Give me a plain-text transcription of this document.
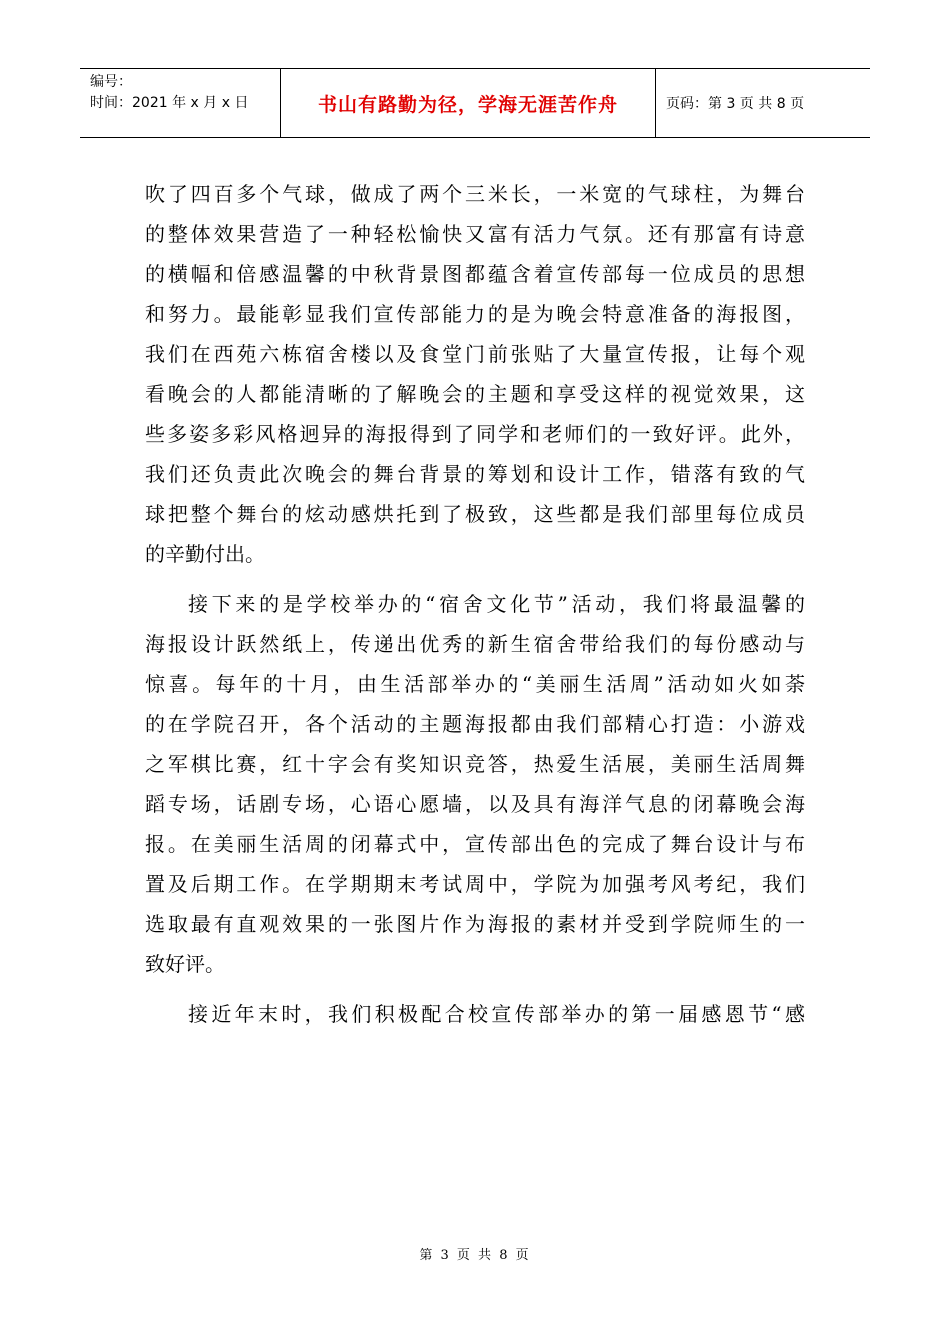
编号：
时间：2021 年 x 月 x 日	书山有路勤为径，学海无涯苦作舟	页码：第 3 页 共 8 页
吹了四百多个气球，做成了两个三米长，一米宽的气球柱，为舞台
的整体效果营造了一种轻松愉快又富有活力气氛。还有那富有诗意
的横幅和倍感温馨的中秋背景图都蕴含着宣传部每一位成员的思想
和努力。最能彰显我们宣传部能力的是为晚会特意准备的海报图，
我们在西苑六栋宿舍楼以及食堂门前张贴了大量宣传报，让每个观
看晚会的人都能清晰的了解晚会的主题和享受这样的视觉效果，这
些多姿多彩风格迥异的海报得到了同学和老师们的一致好评。此外，
我们还负责此次晚会的舞台背景的筹划和设计工作，错落有致的气
球把整个舞台的炫动感烘托到了极致，这些都是我们部里每位成员
的辛勤付出。
接下来的是学校举办的“宿舍文化节”活动，我们将最温馨的
海报设计跃然纸上，传递出优秀的新生宿舍带给我们的每份感动与
惊喜。每年的十月，由生活部举办的“美丽生活周”活动如火如荼
的在学院召开，各个活动的主题海报都由我们部精心打造：小游戏
之军棋比赛，红十字会有奖知识竞答，热爱生活展，美丽生活周舞
蹈专场，话剧专场，心语心愿墙，以及具有海洋气息的闭幕晚会海
报。在美丽生活周的闭幕式中，宣传部出色的完成了舞台设计与布
置及后期工作。在学期期末考试周中，学院为加强考风考纪，我们
选取最有直观效果的一张图片作为海报的素材并受到学院师生的一
致好评。
接近年末时，我们积极配合校宣传部举办的第一届感恩节“感
第 3 页 共 8 页
